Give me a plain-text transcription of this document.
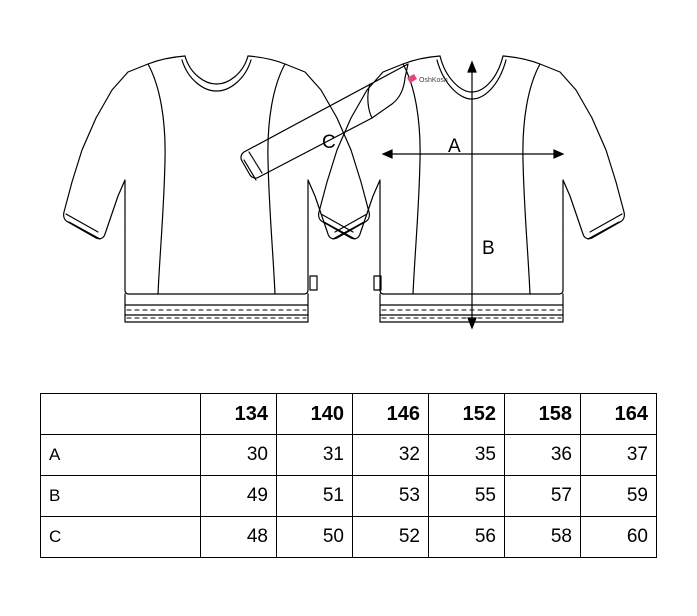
OshKosh
A
B
C
	134	140	146	152	158	164
A	30	31	32	35	36	37
B	49	51	53	55	57	59
C	48	50	52	56	58	60
